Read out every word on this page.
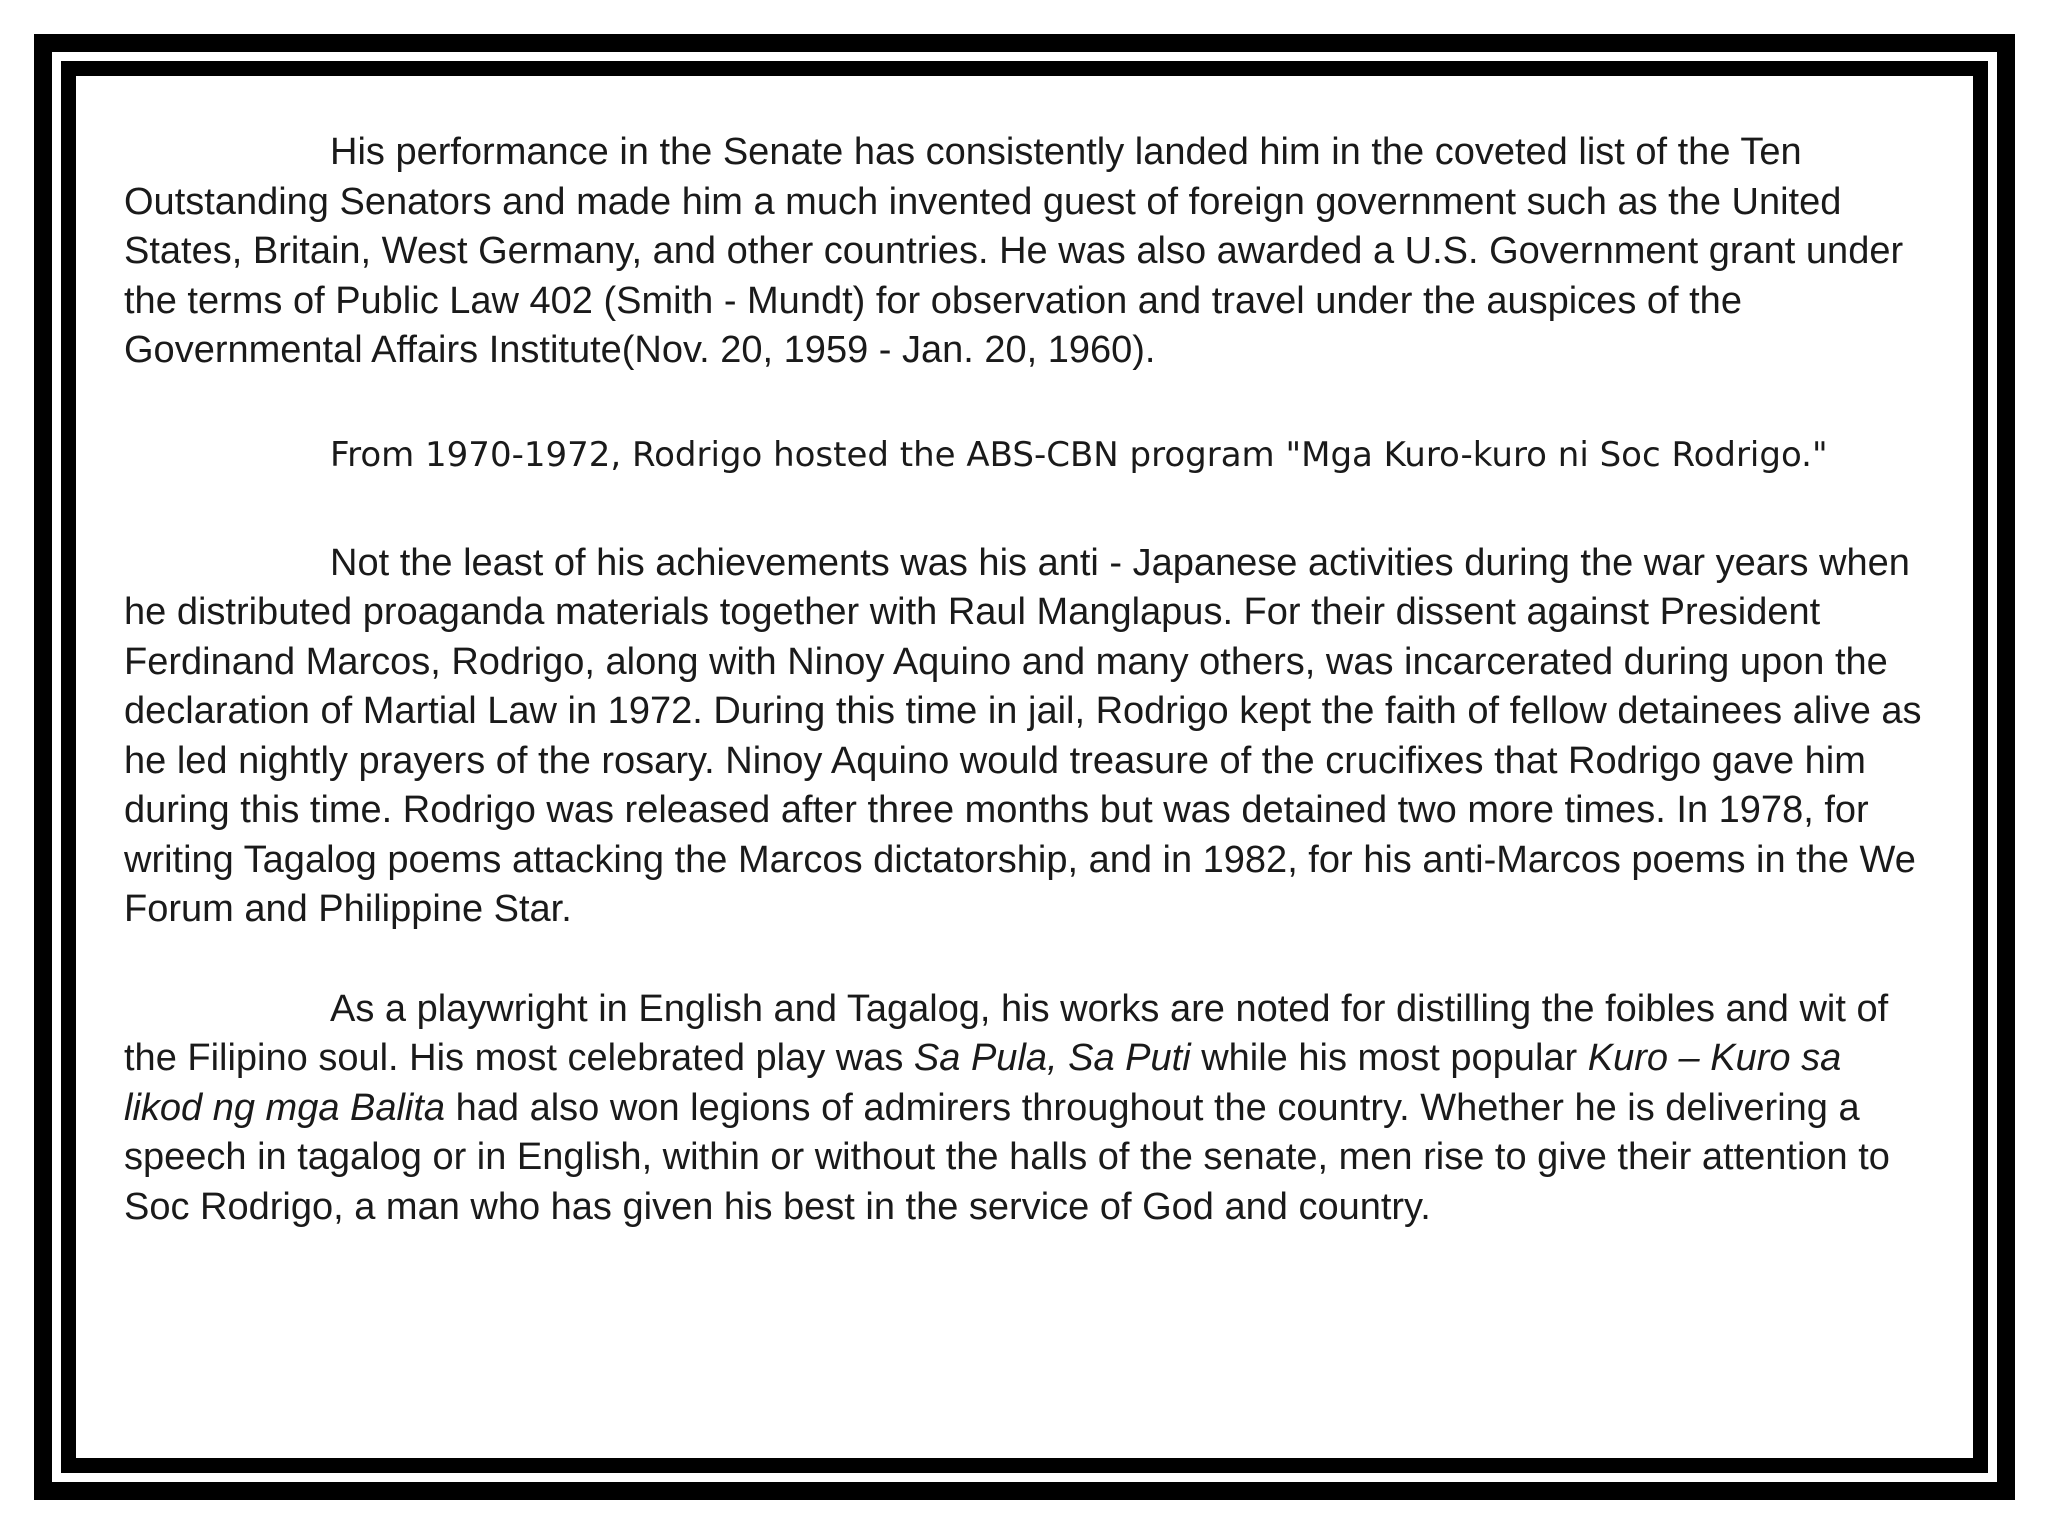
His performance in the Senate has consistently landed him in the coveted list of the Ten Outstanding Senators and made him a much invented guest of foreign government such as the United States, Britain, West Germany, and other countries. He was also awarded a U.S. Government grant under the terms of Public Law 402 (Smith - Mundt) for observation and travel under the auspices of the Governmental Affairs Institute(Nov. 20, 1959 - Jan. 20, 1960).

From 1970-1972, Rodrigo hosted the ABS-CBN program "Mga Kuro-kuro ni Soc Rodrigo."

Not the least of his achievements was his anti - Japanese activities during the war years when he distributed proaganda materials together with Raul Manglapus. For their dissent against President Ferdinand Marcos, Rodrigo, along with Ninoy Aquino and many others, was incarcerated during upon the declaration of Martial Law in 1972. During this time in jail, Rodrigo kept the faith of fellow detainees alive as he led nightly prayers of the rosary. Ninoy Aquino would treasure of the crucifixes that Rodrigo gave him during this time. Rodrigo was released after three months but was detained two more times. In 1978, for writing Tagalog poems attacking the Marcos dictatorship, and in 1982, for his anti-Marcos poems in the We Forum and Philippine Star.

As a playwright in English and Tagalog, his works are noted for distilling the foibles and wit of the Filipino soul. His most celebrated play was Sa Pula, Sa Puti while his most popular Kuro – Kuro sa likod ng mga Balita had also won legions of admirers throughout the country. Whether he is delivering a speech in tagalog or in English, within or without the halls of the senate, men rise to give their attention to Soc Rodrigo, a man who has given his best in the service of God and country.
